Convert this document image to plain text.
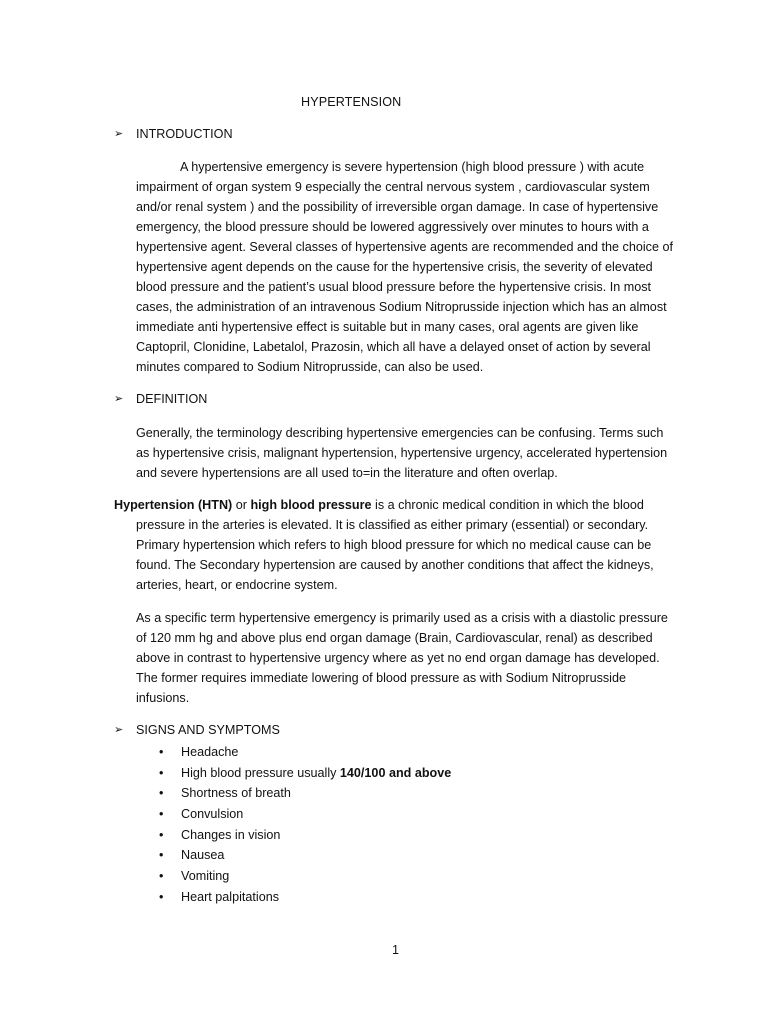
HYPERTENSION
➢	INTRODUCTION
A hypertensive emergency is severe hypertension (high blood pressure ) with acute
impairment of organ system 9 especially the central nervous system , cardiovascular system
and/or renal system ) and the possibility of irreversible organ damage. In case of hypertensive
emergency, the blood pressure should be lowered aggressively over minutes to hours with a
hypertensive agent. Several classes of hypertensive agents are recommended and the choice of
hypertensive agent depends on the cause for the hypertensive crisis, the severity of elevated
blood pressure and the patient’s usual blood pressure before the hypertensive crisis. In most
cases, the administration of an intravenous Sodium Nitroprusside injection which has an almost
immediate anti hypertensive effect is suitable but in many cases, oral agents are given like
Captopril, Clonidine, Labetalol, Prazosin, which all have a delayed onset of action by several
minutes compared to Sodium Nitroprusside, can also be used.
➢	DEFINITION
Generally, the terminology describing hypertensive emergencies can be confusing. Terms such
as hypertensive crisis, malignant hypertension, hypertensive urgency, accelerated hypertension
and severe hypertensions are all used to=in the literature and often overlap.
Hypertension (HTN) or high blood pressure is a chronic medical condition in which the blood
pressure in the arteries is elevated. It is classified as either primary (essential) or secondary.
Primary hypertension which refers to high blood pressure for which no medical cause can be
found. The Secondary hypertension are caused by another conditions that affect the kidneys,
arteries, heart, or endocrine system.
As a specific term hypertensive emergency is primarily used as a crisis with a diastolic pressure
of 120 mm hg and above plus end organ damage (Brain, Cardiovascular, renal) as described
above in contrast to hypertensive urgency where as yet no end organ damage has developed.
The former requires immediate lowering of blood pressure as with Sodium Nitroprusside
infusions.
➢	SIGNS AND SYMPTOMS
• Headache
• High blood pressure usually 140/100 and above
• Shortness of breath
• Convulsion
• Changes in vision
• Nausea
• Vomiting
• Heart palpitations
1
